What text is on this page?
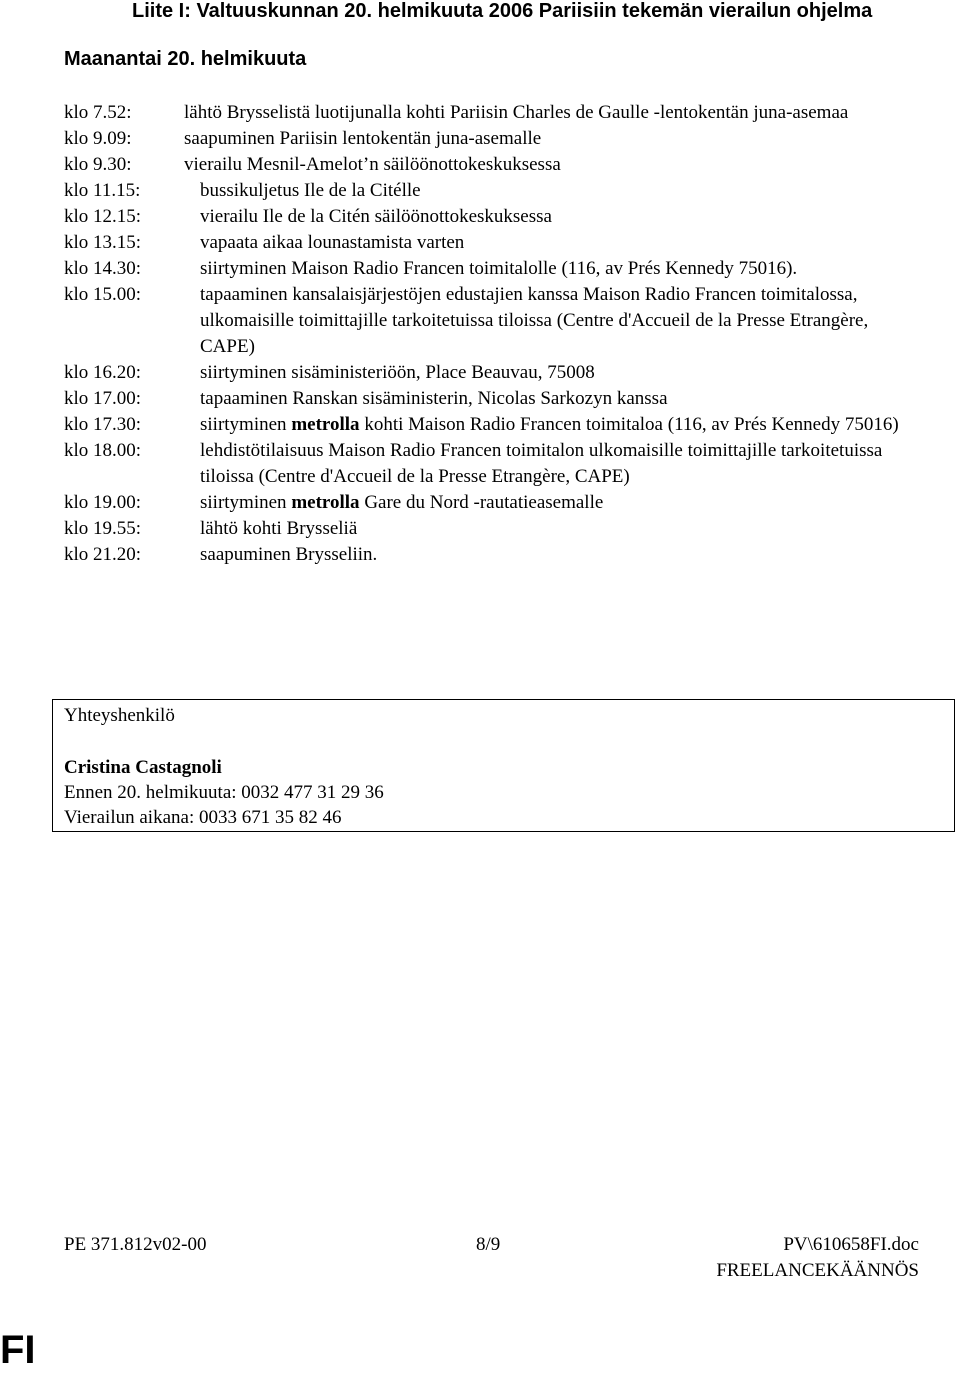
Liite I: Valtuuskunnan 20. helmikuuta 2006 Pariisiin tekemän vierailun ohjelma
Maanantai 20. helmikuuta
klo 7.52:	lähtö Brysselistä luotijunalla kohti Pariisin Charles de Gaulle -lentokentän juna-asemaa
klo 9.09:	saapuminen Pariisin lentokentän juna-asemalle
klo 9.30:	vierailu Mesnil-Amelot’n säilöönottokeskuksessa
klo 11.15:	bussikuljetus Ile de la Citélle
klo 12.15:	vierailu Ile de la Citén säilöönottokeskuksessa
klo 13.15:	vapaata aikaa lounastamista varten
klo 14.30:	siirtyminen Maison Radio Francen toimitalolle (116, av Prés Kennedy 75016).
klo 15.00:	tapaaminen kansalaisjärjestöjen edustajien kanssa Maison Radio Francen toimitalossa, ulkomaisille toimittajille tarkoitetuissa tiloissa (Centre d'Accueil de la Presse Etrangère, CAPE)
klo 16.20:	siirtyminen sisäministeriöön, Place Beauvau, 75008
klo 17.00:	tapaaminen Ranskan sisäministerin, Nicolas Sarkozyn kanssa
klo 17.30:	siirtyminen metrolla kohti Maison Radio Francen toimitaloa (116, av Prés Kennedy 75016)
klo 18.00:	lehdistötilaisuus Maison Radio Francen toimitalon ulkomaisille toimittajille tarkoitetuissa tiloissa (Centre d'Accueil de la Presse Etrangère, CAPE)
klo 19.00:	siirtyminen metrolla Gare du Nord -rautatieasemalle
klo 19.55:	lähtö kohti Brysseliä
klo 21.20:	saapuminen Brysseliin.
Yhteyshenkilö
Cristina Castagnoli
Ennen 20. helmikuuta: 0032 477 31 29 36
Vierailun aikana: 0033 671 35 82 46
PE 371.812v02-00	8/9	PV\610658FI.doc
FREELANCEKÄÄNNÖS
FI
